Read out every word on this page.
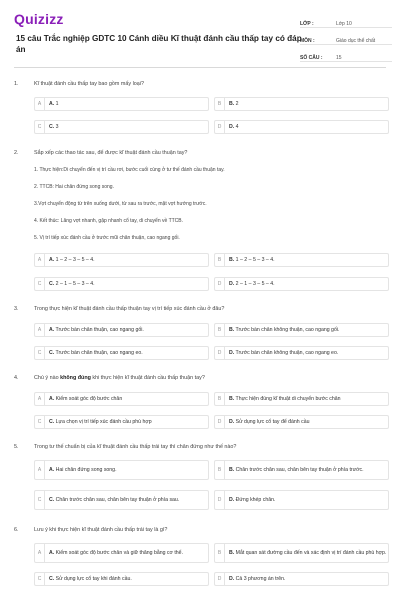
Quizizz
15 câu Trắc nghiệp GDTC 10 Cánh diều Kĩ thuật đánh cầu thấp tay có đáp án
LỚP :	Lớp 10
MÔN :	Giáo dục thể chất
SỐ CÂU :	15
1.	Kĩ thuật đánh cầu thấp tay bao gồm mấy loại?
A	A. 1	B	B. 2
C	C. 3	D	D. 4
2.	Sắp xếp các thao tác sau, để được kĩ thuật đánh cầu thuận tay?
1. Thực hiện:Di chuyển đến vị trí cầu rơi, bước cuối cùng ở tư thế đánh cầu thuận tay.
2. TTCB: Hai chân đứng song song.
3.Vợt chuyển động từ trên xuống dưới, từ sau ra trước, mặt vợt hướng trước.
4. Kết thúc: Lăng vợt nhanh, gập nhanh cổ tay, di chuyển về TTCB.
5. Vị trí tiếp xúc đánh cầu ở trước mũi chân thuận, cao ngang gối.
A	A. 1 – 2 – 3 – 5 – 4.	B	B. 1 – 2 – 5 – 3 – 4.
C	C. 2 – 1 – 5 – 3 – 4.	D	D. 2 – 1 – 3 – 5 – 4.
3.	Trong thực hiện kĩ thuật đánh cầu thấp thuận tay vị trí tiếp xúc đánh cầu ở đâu?
A	A. Trước bàn chân thuận, cao ngang gối.	B	B. Trước bàn chân không thuận, cao ngang gối.
C	C. Trước bàn chân thuận, cao ngang eo.	D	D. Trước bàn chân không thuận, cao ngang eo.
4.	Chú ý nào không đúng khi thực hiện kĩ thuật đánh cầu thấp thuận tay?
A	A. Kiểm soát góc độ bước chân	B	B. Thực hiện đúng kĩ thuật di chuyển bước chân
C	C. Lựa chọn vị trí tiếp xúc đánh cầu phù hợp	D	D. Sử dụng lực cổ tay để đánh cầu
5.	Trong tư thế chuẩn bị của kĩ thuật đánh cầu thấp trái tay thì chân đứng như thế nào?
A	A. Hai chân đứng song song.	B	B. Chân trước chân sau, chân bên tay thuận ở phía trước.
C	C. Chân trước chân sau, chân bên tay thuận ở phía sau.	D	D. Đứng khép chân.
6.	Lưu ý khi thực hiện kĩ thuật đánh cầu thấp trái tay là gì?
A	A. Kiểm soát góc độ bước chân và giữ thăng bằng cơ thể.	B	B. Mắt quan sát đường cầu đến và xác định vị trí đánh cầu phù hợp.
C	C. Sử dụng lực cổ tay khi đánh cầu.	D	D. Cả 3 phương án trên.
